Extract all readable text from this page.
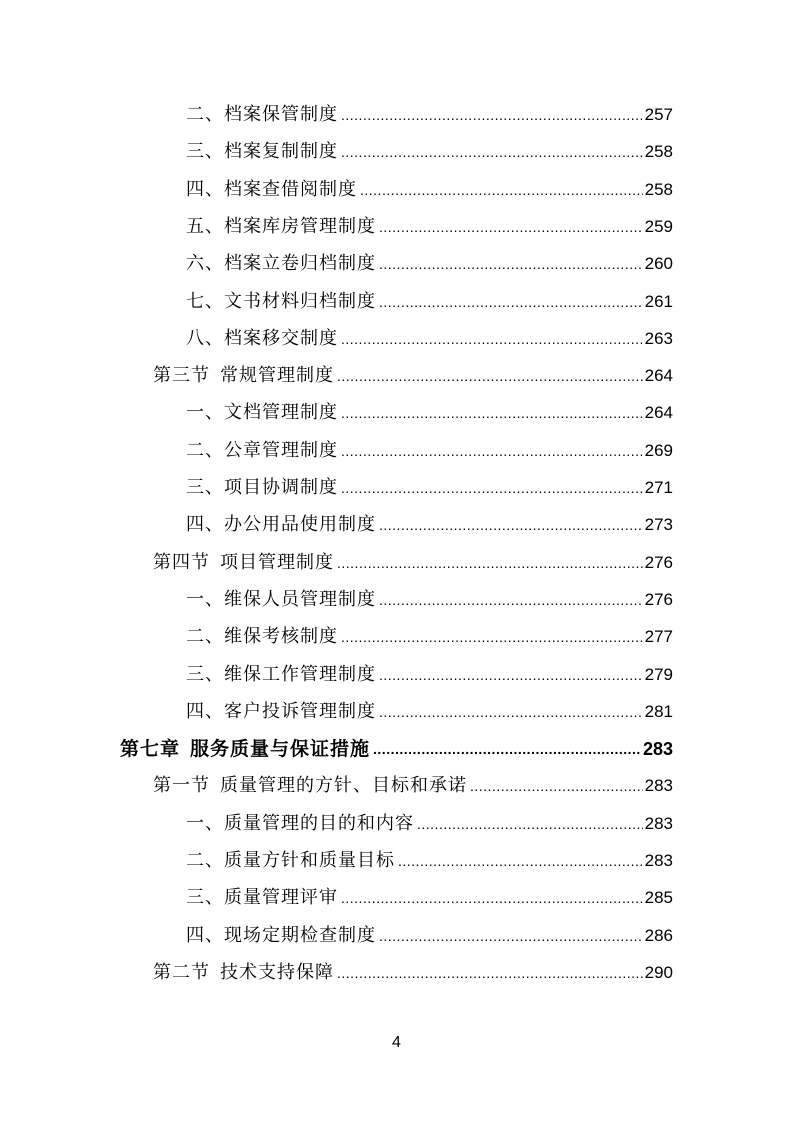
二、档案保管制度 .....	257
三、档案复制制度 .....	258
四、档案查借阅制度 .....	258
五、档案库房管理制度 .....	259
六、档案立卷归档制度 .....	260
七、文书材料归档制度 .....	261
八、档案移交制度 .....	263
第三节 常规管理制度 .....	264
一、文档管理制度 .....	264
二、公章管理制度 .....	269
三、项目协调制度 .....	271
四、办公用品使用制度 .....	273
第四节 项目管理制度 .....	276
一、维保人员管理制度 .....	276
二、维保考核制度 .....	277
三、维保工作管理制度 .....	279
四、客户投诉管理制度 .....	281
第七章 服务质量与保证措施 .....	283
第一节 质量管理的方针、目标和承诺 .....	283
一、质量管理的目的和内容 .....	283
二、质量方针和质量目标 .....	283
三、质量管理评审 .....	285
四、现场定期检查制度 .....	286
第二节 技术支持保障 .....	290
4
